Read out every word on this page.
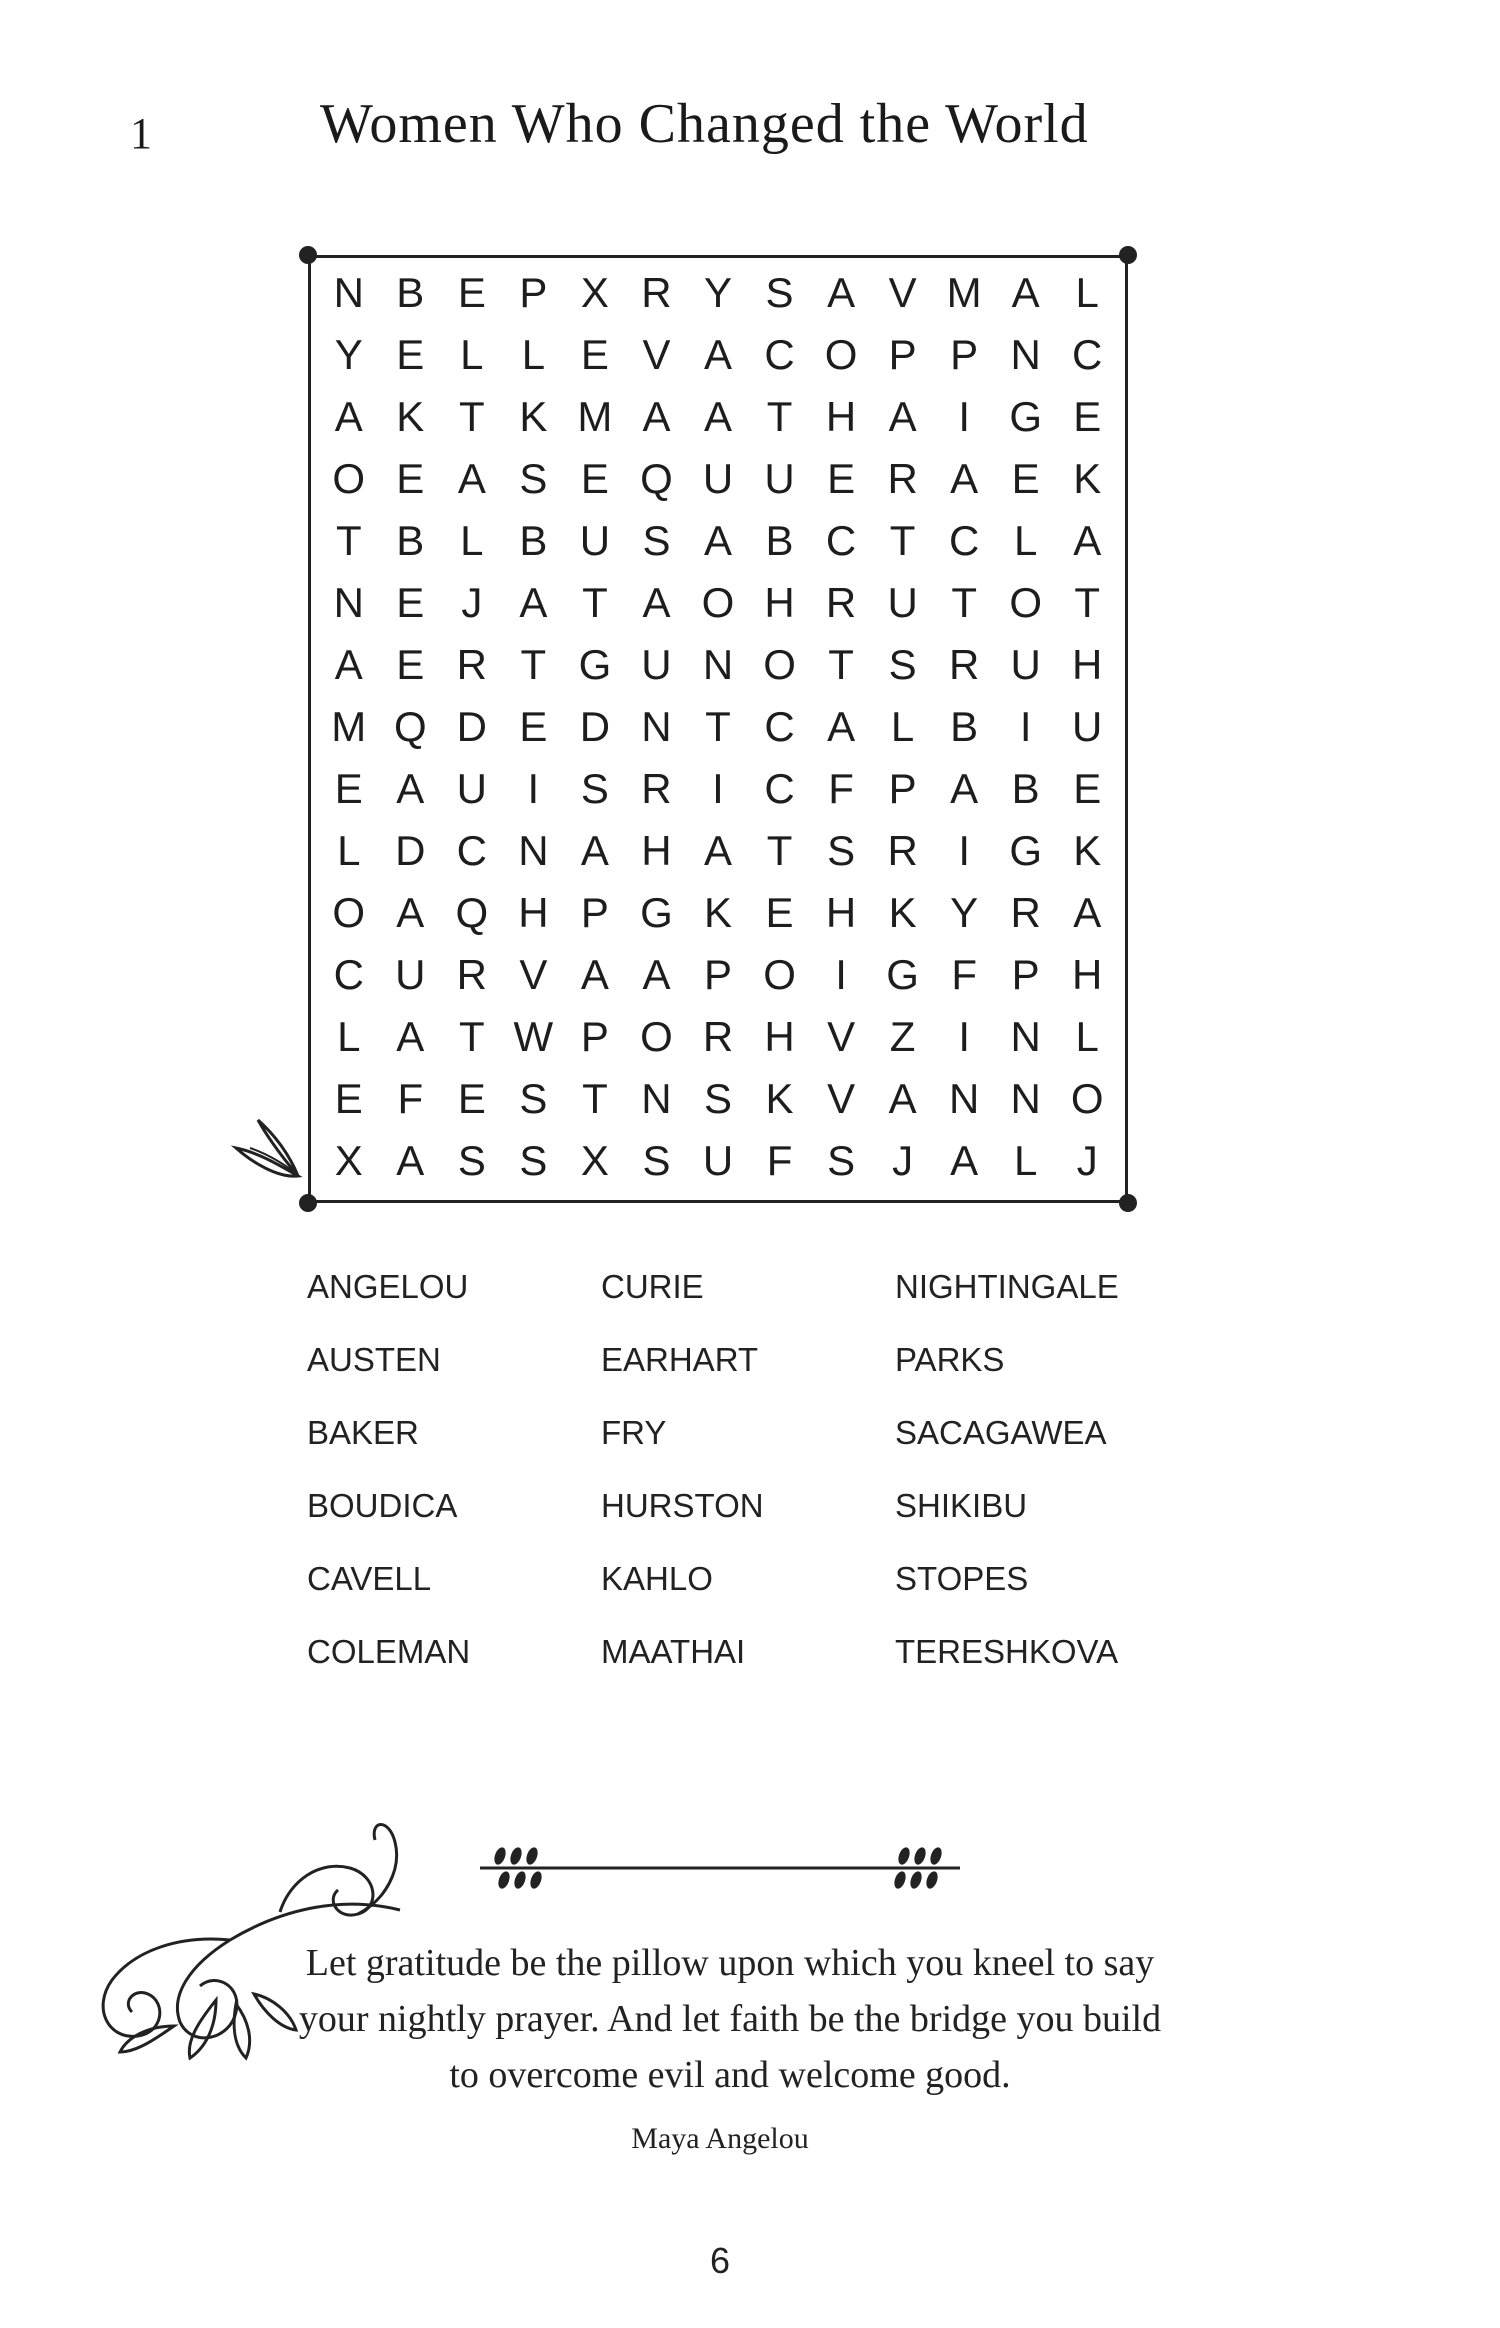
1	Women Who Changed the World
N B E P X R Y S A V M A L
Y E L L E V A C O P P N C
A K T K M A A T H A I G E
O E A S E Q U U E R A E K
T B L B U S A B C T C L A
N E J A T A O H R U T O T
A E R T G U N O T S R U H
M Q D E D N T C A L B I U
E A U I S R I C F P A B E
L D C N A H A T S R I G K
O A Q H P G K E H K Y R A
C U R V A A P O I G F P H
L A T W P O R H V Z	I N L
E F E S T N S K V A N N O
X A S S X S U F S J A L J
ANGELOU
AUSTEN
BAKER
BOUDICA
CAVELL
COLEMAN
CURIE
EARHART
FRY
HURSTON
KAHLO
MAATHAI
NIGHTINGALE
PARKS
SACAGAWEA
SHIKIBU
STOPES
TERESHKOVA
Let gratitude be the pillow upon which you kneel to say your nightly prayer. And let faith be the bridge you build to overcome evil and welcome good.
Maya Angelou
6
